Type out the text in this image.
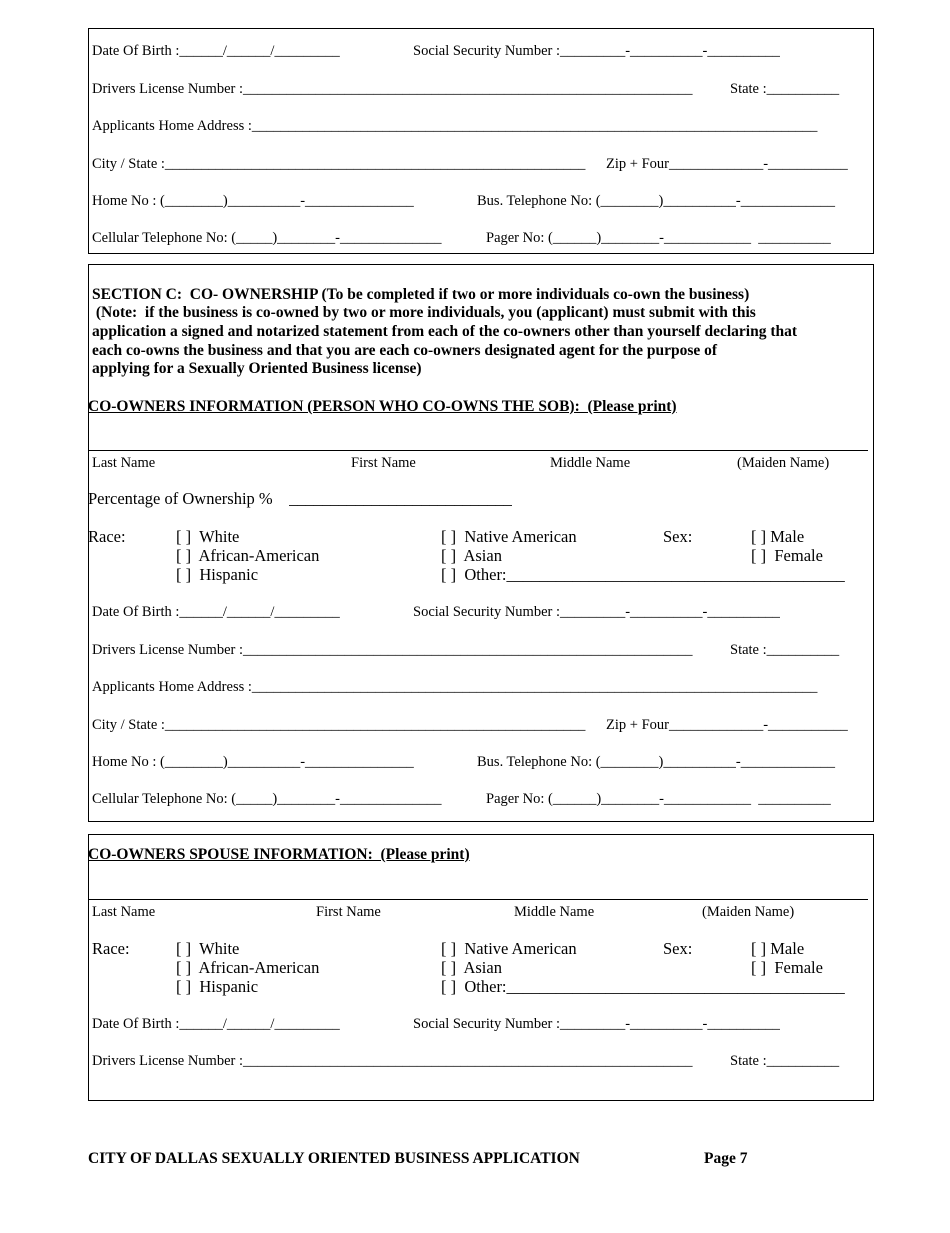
Date Of Birth :______/______/_________	Social Security Number :_________-__________-__________
Drivers License Number :______________________________________________________________	State :__________
Applicants Home Address :______________________________________________________________________________
City / State :__________________________________________________________ Zip + Four_____________-___________
Home No : (________)__________-_______________	Bus. Telephone No: (________)__________-_____________
Cellular Telephone No: (_____)________-______________	Pager No: (______)________-____________  __________
SECTION C:  CO- OWNERSHIP (To be completed if two or more individuals co-own the business)
(Note:  if the business is co-owned by two or more individuals, you (applicant) must submit with this
application a signed and notarized statement from each of the co-owners other than yourself declaring that
each co-owns the business and that you are each co-owners designated agent for the purpose of
applying for a Sexually Oriented Business license)
CO-OWNERS INFORMATION (PERSON WHO CO-OWNS THE SOB):  (Please print)
Last Name	First Name	Middle Name	(Maiden Name)
Percentage of Ownership %    ___________________________
Race:	[ ]  White
[ ]  African-American
[ ]  Hispanic
[ ]  Native American
[ ]  Asian
[ ]  Other:_________________________________________
Sex:	[ ] Male
[ ]  Female
Date Of Birth :______/______/_________	Social Security Number :_________-__________-__________
Drivers License Number :______________________________________________________________	State :__________
Applicants Home Address :______________________________________________________________________________
City / State :__________________________________________________________ Zip + Four_____________-___________
Home No : (________)__________-_______________	Bus. Telephone No: (________)__________-_____________
Cellular Telephone No: (_____)________-______________	Pager No: (______)________-____________  __________
CO-OWNERS SPOUSE INFORMATION:  (Please print)
Last Name	First Name	Middle Name	(Maiden Name)
Race:	[ ]  White
[ ]  African-American
[ ]  Hispanic
[ ]  Native American
[ ]  Asian
[ ]  Other:_________________________________________
Sex:	[ ] Male
[ ]  Female
Date Of Birth :______/______/_________	Social Security Number :_________-__________-__________
Drivers License Number :______________________________________________________________	State :__________
CITY OF DALLAS SEXUALLY ORIENTED BUSINESS APPLICATION	Page 7
